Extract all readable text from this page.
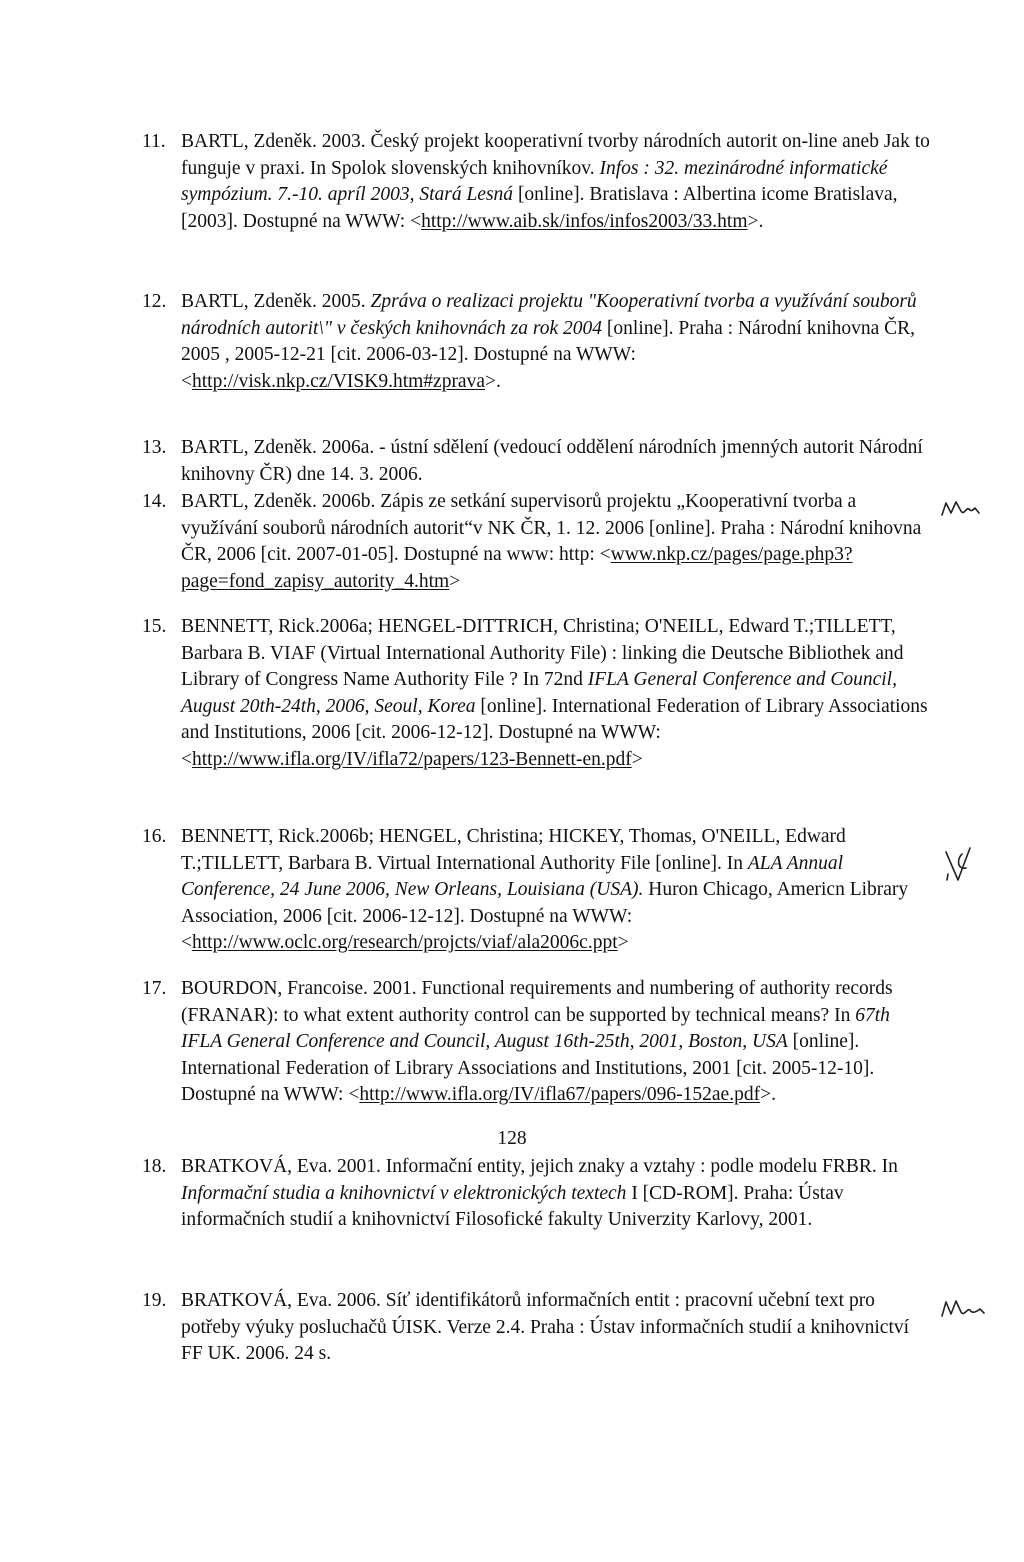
11. BARTL, Zdeněk. 2003. Český projekt kooperativní tvorby národních autorit on-line aneb Jak to funguje v praxi. In Spolok slovenských knihovníkov. Infos : 32. mezinárodné informatické sympózium. 7.-10. apríl 2003, Stará Lesná [online]. Bratislava : Albertina icome Bratislava, [2003]. Dostupné na WWW: <http://www.aib.sk/infos/infos2003/33.htm>.
12. BARTL, Zdeněk. 2005. Zpráva o realizaci projektu "Kooperativní tvorba a využívání souborů národních autorit\" v českých knihovnách za rok 2004 [online]. Praha : Národní knihovna ČR, 2005 , 2005-12-21 [cit. 2006-03-12]. Dostupné na WWW: <http://visk.nkp.cz/VISK9.htm#zprava>.
13. BARTL, Zdeněk. 2006a. - ústní sdělení (vedoucí oddělení národních jmenných autorit Národní knihovny ČR) dne 14. 3. 2006.
14. BARTL, Zdeněk. 2006b. Zápis ze setkání supervisorů projektu „Kooperativní tvorba a využívání souborů národních autorit“v NK ČR, 1. 12. 2006 [online]. Praha : Národní knihovna ČR, 2006 [cit. 2007-01-05]. Dostupné na www: http: <www.nkp.cz/pages/page.php3?page=fond_zapisy_autority_4.htm>
15. BENNETT, Rick.2006a; HENGEL-DITTRICH, Christina; O'NEILL, Edward T.;TILLETT, Barbara B. VIAF (Virtual International Authority File) : linking die Deutsche Bibliothek and Library of Congress Name Authority File ? In 72nd IFLA General Conference and Council, August 20th-24th, 2006, Seoul, Korea [online]. International Federation of Library Associations and Institutions, 2006 [cit. 2006-12-12]. Dostupné na WWW: <http://www.ifla.org/IV/ifla72/papers/123-Bennett-en.pdf>
16. BENNETT, Rick.2006b; HENGEL, Christina; HICKEY, Thomas, O'NEILL, Edward T.;TILLETT, Barbara B. Virtual International Authority File [online]. In ALA Annual Conference, 24 June 2006, New Orleans, Louisiana (USA). Huron Chicago, Americn Library Association, 2006 [cit. 2006-12-12]. Dostupné na WWW: <http://www.oclc.org/research/projcts/viaf/ala2006c.ppt>
17. BOURDON, Francoise. 2001. Functional requirements and numbering of authority records (FRANAR): to what extent authority control can be supported by technical means? In 67th IFLA General Conference and Council, August 16th-25th, 2001, Boston, USA [online]. International Federation of Library Associations and Institutions, 2001 [cit. 2005-12-10]. Dostupné na WWW: <http://www.ifla.org/IV/ifla67/papers/096-152ae.pdf>.
18. BRATKOVÁ, Eva. 2001. Informační entity, jejich znaky a vztahy : podle modelu FRBR. In Informační studia a knihovnictví v elektronických textech I [CD-ROM]. Praha: Ústav informačních studií a knihovnictví Filosofické fakulty Univerzity Karlovy, 2001.
19. BRATKOVÁ, Eva. 2006. Síť identifikátorů informačních entit : pracovní učební text pro potřeby výuky posluchačů ÚISK. Verze 2.4. Praha : Ústav informačních studií a knihovnictví FF UK. 2006. 24 s.
128
